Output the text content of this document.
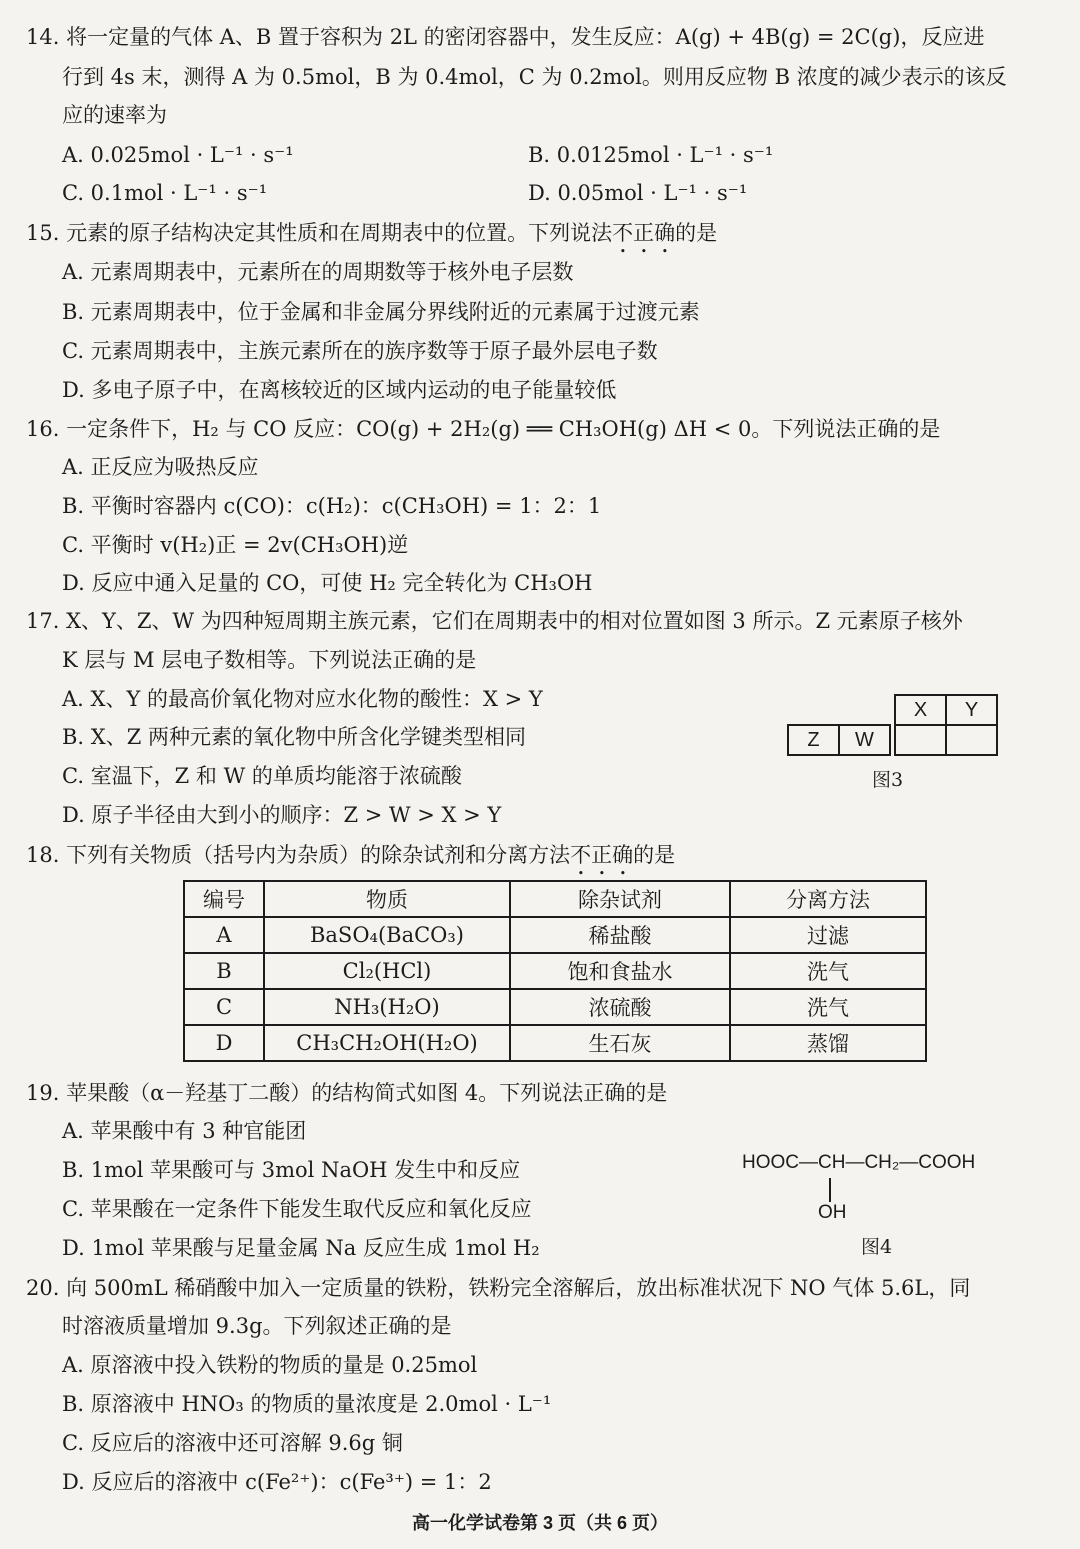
14. 将一定量的气体 A、B 置于容积为 2L 的密闭容器中，发生反应：A(g) + 4B(g) = 2C(g)，反应进
行到 4s 末，测得 A 为 0.5mol，B 为 0.4mol，C 为 0.2mol。则用反应物 B 浓度的减少表示的该反
应的速率为
A. 0.025mol · L⁻¹ · s⁻¹	B. 0.0125mol · L⁻¹ · s⁻¹
C. 0.1mol · L⁻¹ · s⁻¹	D. 0.05mol · L⁻¹ · s⁻¹
15. 元素的原子结构决定其性质和在周期表中的位置。下列说法不正确的是
A. 元素周期表中，元素所在的周期数等于核外电子层数
B. 元素周期表中，位于金属和非金属分界线附近的元素属于过渡元素
C. 元素周期表中，主族元素所在的族序数等于原子最外层电子数
D. 多电子原子中，在离核较近的区域内运动的电子能量较低
16. 一定条件下，H₂ 与 CO 反应：CO(g) + 2H₂(g) ══ CH₃OH(g) ΔH < 0。下列说法正确的是
A. 正反应为吸热反应
B. 平衡时容器内 c(CO)：c(H₂)：c(CH₃OH) = 1：2：1
C. 平衡时 v(H₂)正 = 2v(CH₃OH)逆
D. 反应中通入足量的 CO，可使 H₂ 完全转化为 CH₃OH
17. X、Y、Z、W 为四种短周期主族元素，它们在周期表中的相对位置如图 3 所示。Z 元素原子核外
K 层与 M 层电子数相等。下列说法正确的是
A. X、Y 的最高价氧化物对应水化物的酸性：X > Y
B. X、Z 两种元素的氧化物中所含化学键类型相同
C. 室温下，Z 和 W 的单质均能溶于浓硫酸
D. 原子半径由大到小的顺序：Z > W > X > Y
X	Y
Z	W
图3
18. 下列有关物质（括号内为杂质）的除杂试剂和分离方法不正确的是
编号	物质	除杂试剂	分离方法
A	BaSO₄(BaCO₃)	稀盐酸	过滤
B	Cl₂(HCl)	饱和食盐水	洗气
C	NH₃(H₂O)	浓硫酸	洗气
D	CH₃CH₂OH(H₂O)	生石灰	蒸馏
19. 苹果酸（α－羟基丁二酸）的结构简式如图 4。下列说法正确的是
A. 苹果酸中有 3 种官能团
B. 1mol 苹果酸可与 3mol NaOH 发生中和反应
C. 苹果酸在一定条件下能发生取代反应和氧化反应
D. 1mol 苹果酸与足量金属 Na 反应生成 1mol H₂
HOOC—CH—CH₂—COOH
OH
图4
20. 向 500mL 稀硝酸中加入一定质量的铁粉，铁粉完全溶解后，放出标准状况下 NO 气体 5.6L，同
时溶液质量增加 9.3g。下列叙述正确的是
A. 原溶液中投入铁粉的物质的量是 0.25mol
B. 原溶液中 HNO₃ 的物质的量浓度是 2.0mol · L⁻¹
C. 反应后的溶液中还可溶解 9.6g 铜
D. 反应后的溶液中 c(Fe²⁺)：c(Fe³⁺) = 1：2
高一化学试卷第 3 页（共 6 页）
